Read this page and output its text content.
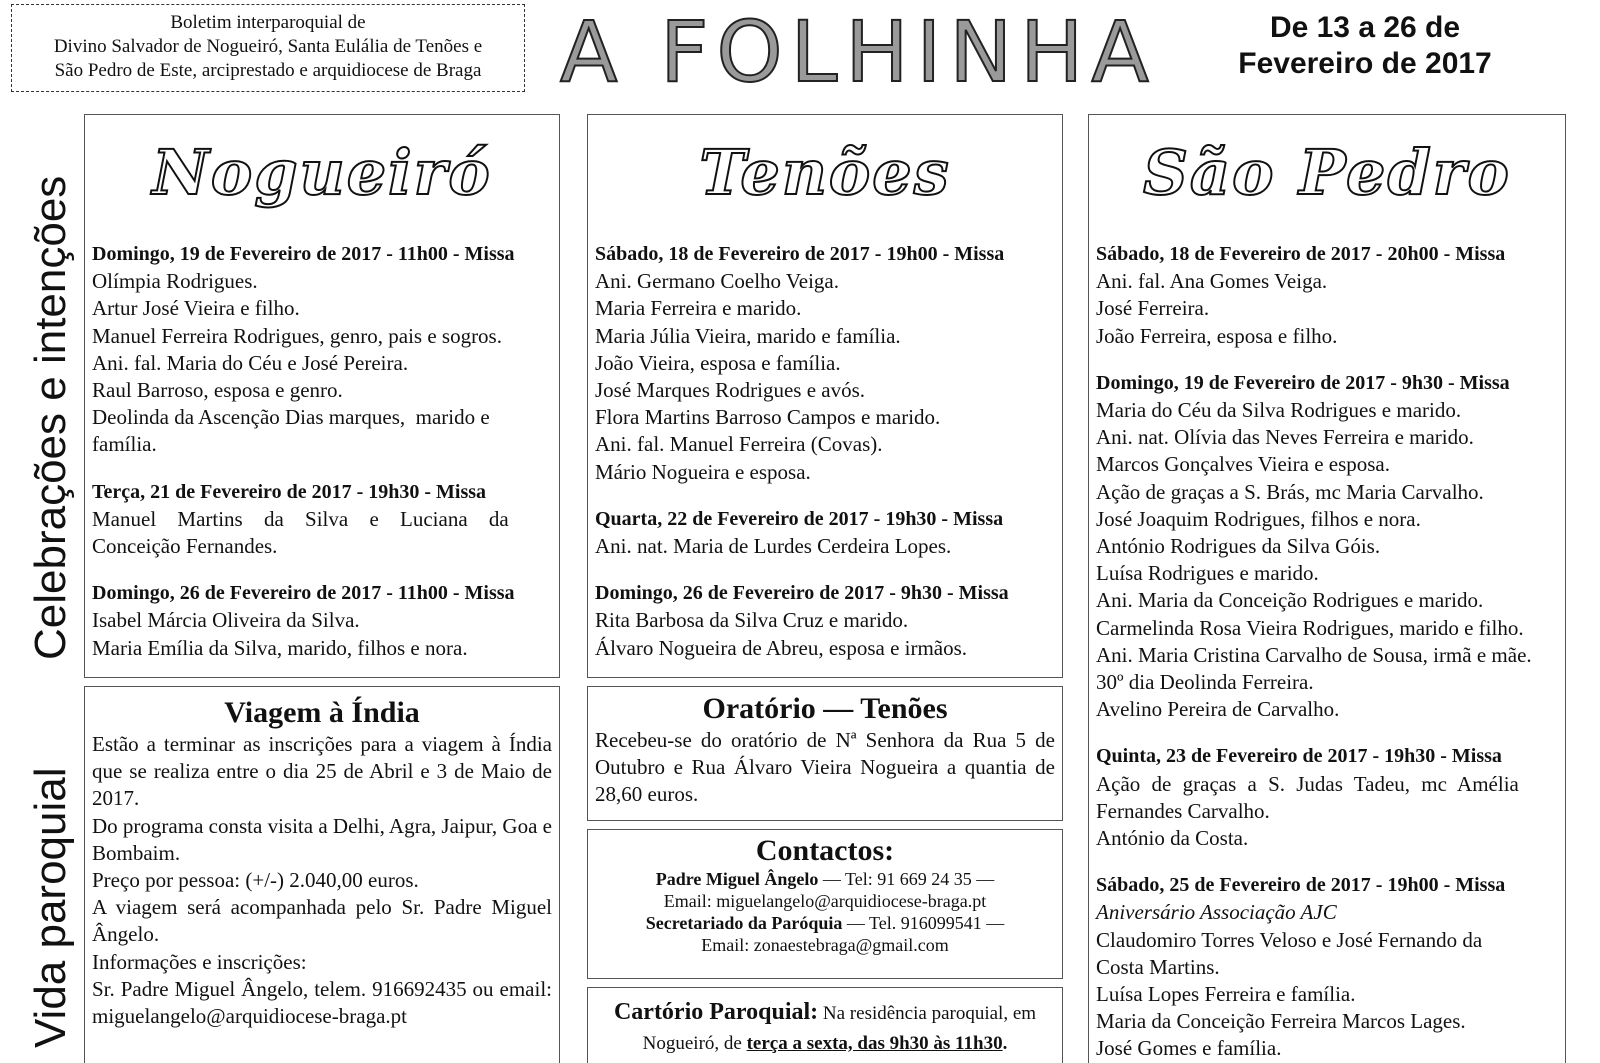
Boletim interparoquial de
Divino Salvador de Nogueiró, Santa Eulália de Tenões e
São Pedro de Este, arciprestado e arquidiocese de Braga A FOLHINHA	De 13 a 26 de
Fevereiro de 2017
Celebrações e intenções
Vida paroquial
Nogueiró
Domingo, 19 de Fevereiro de 2017 - 11h00 - Missa
Olímpia Rodrigues.
Artur José Vieira e filho.
Manuel Ferreira Rodrigues, genro, pais e sogros.
Ani. fal. Maria do Céu e José Pereira.
Raul Barroso, esposa e genro.
Deolinda da Ascenção Dias marques,  marido e
família.
Terça, 21 de Fevereiro de 2017 - 19h30 - Missa
Manuel Martins da Silva e Luciana da
Conceição Fernandes.
Domingo, 26 de Fevereiro de 2017 - 11h00 - Missa
Isabel Márcia Oliveira da Silva.
Maria Emília da Silva, marido, filhos e nora.
Tenões
Sábado, 18 de Fevereiro de 2017 - 19h00 - Missa
Ani. Germano Coelho Veiga.
Maria Ferreira e marido.
Maria Júlia Vieira, marido e família.
João Vieira, esposa e família.
José Marques Rodrigues e avós.
Flora Martins Barroso Campos e marido.
Ani. fal. Manuel Ferreira (Covas).
Mário Nogueira e esposa.
Quarta, 22 de Fevereiro de 2017 - 19h30 - Missa
Ani. nat. Maria de Lurdes Cerdeira Lopes.
Domingo, 26 de Fevereiro de 2017 - 9h30 - Missa
Rita Barbosa da Silva Cruz e marido.
Álvaro Nogueira de Abreu, esposa e irmãos.
São Pedro
Sábado, 18 de Fevereiro de 2017 - 20h00 - Missa
Ani. fal. Ana Gomes Veiga.
José Ferreira.
João Ferreira, esposa e filho.
Domingo, 19 de Fevereiro de 2017 - 9h30 - Missa
Maria do Céu da Silva Rodrigues e marido.
Ani. nat. Olívia das Neves Ferreira e marido.
Marcos Gonçalves Vieira e esposa.
Ação de graças a S. Brás, mc Maria Carvalho.
José Joaquim Rodrigues, filhos e nora.
António Rodrigues da Silva Góis.
Luísa Rodrigues e marido.
Ani. Maria da Conceição Rodrigues e marido.
Carmelinda Rosa Vieira Rodrigues, marido e filho.
Ani. Maria Cristina Carvalho de Sousa, irmã e mãe.
30º dia Deolinda Ferreira.
Avelino Pereira de Carvalho.
Quinta, 23 de Fevereiro de 2017 - 19h30 - Missa
Ação de graças a S. Judas Tadeu, mc Amélia
Fernandes Carvalho.
António da Costa.
Sábado, 25 de Fevereiro de 2017 - 19h00 - Missa
Aniversário Associação AJC
Claudomiro Torres Veloso e José Fernando da
Costa Martins.
Luísa Lopes Ferreira e família.
Maria da Conceição Ferreira Marcos Lages.
José Gomes e família.
Viagem à Índia
Estão a terminar as inscrições para a viagem à Índia que se realiza entre o dia 25 de Abril e 3 de Maio de 2017.
Do programa consta visita a Delhi, Agra, Jaipur, Goa e Bombaim.
Preço por pessoa: (+/-) 2.040,00 euros.
A viagem será acompanhada pelo Sr. Padre Miguel Ângelo.
Informações e inscrições:
Sr. Padre Miguel Ângelo, telem. 916692435 ou email: miguelangelo@arquidiocese-braga.pt
Oratório — Tenões
Recebeu-se do oratório de Nª Senhora da Rua 5 de Outubro e Rua Álvaro Vieira Nogueira a quantia de 28,60 euros.
Contactos:
Padre Miguel Ângelo — Tel: 91 669 24 35 —
Email: miguelangelo@arquidiocese-braga.pt
Secretariado da Paróquia — Tel. 916099541 —
Email: zonaestebraga@gmail.com
Cartório Paroquial: Na residência paroquial, em Nogueiró, de terça a sexta, das 9h30 às 11h30.
